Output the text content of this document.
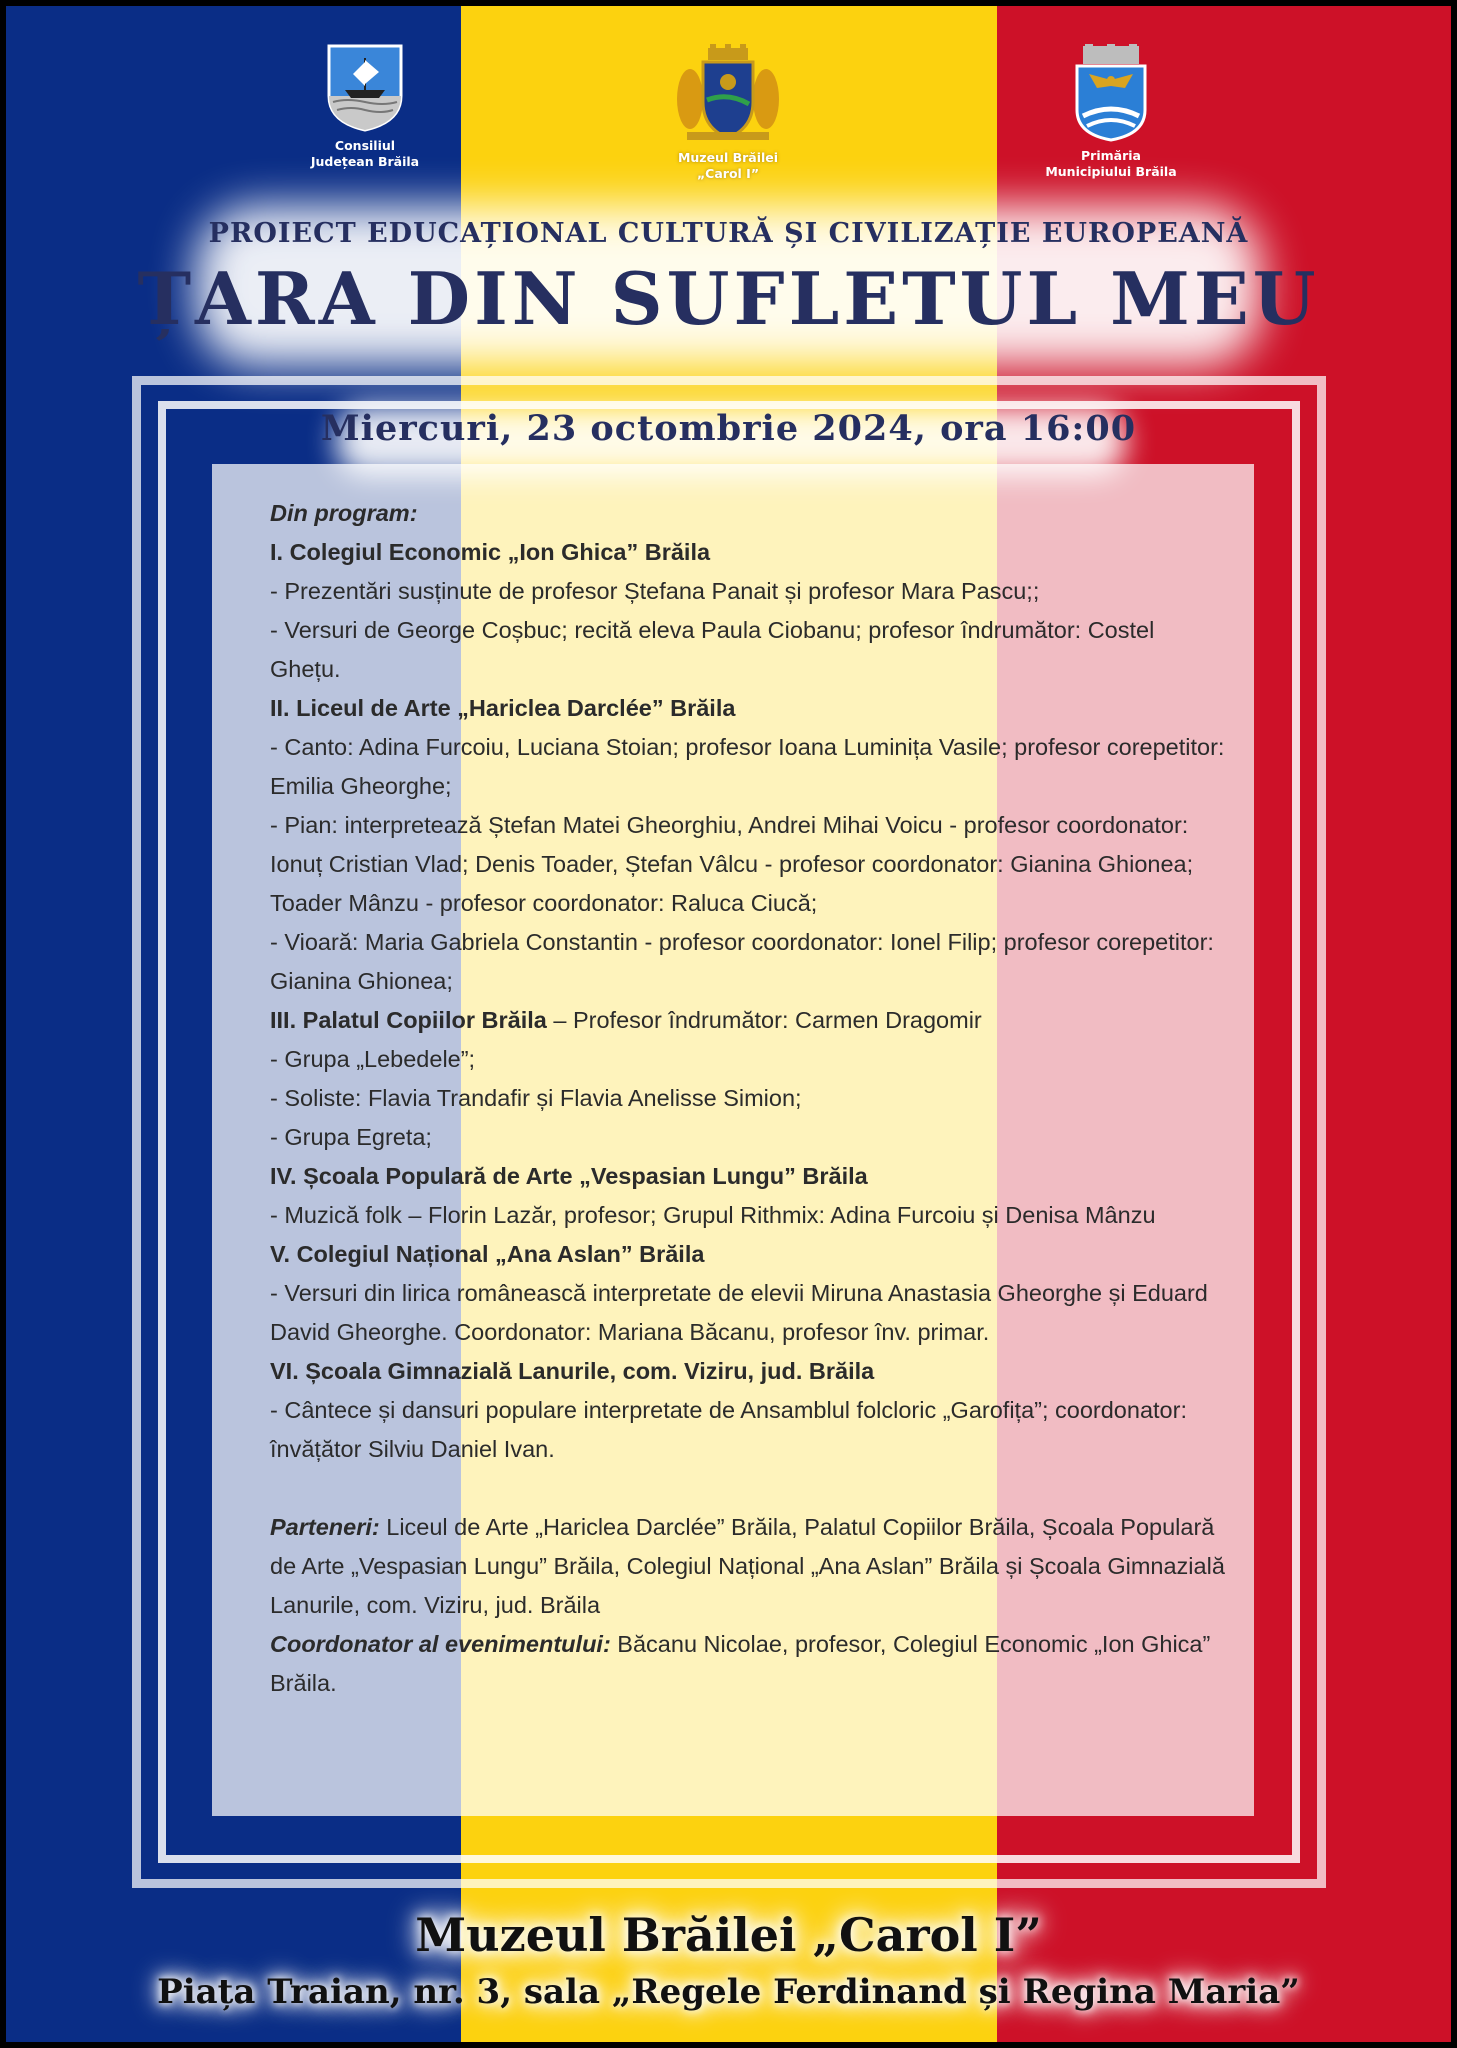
Consiliul
Județean Brăila	Muzeul Brăilei
„Carol I”
Primăria
Municipiului Brăila
PROIECT EDUCAȚIONAL CULTURĂ ȘI CIVILIZAȚIE EUROPEANĂ
ȚARA DIN SUFLETUL MEU
Miercuri, 23 octombrie 2024, ora 16:00

Din program:

I. Colegiul Economic „Ion Ghica” Brăila

- Prezentări susținute de profesor Ștefana Panait și profesor Mara Pascu;;

- Versuri de George Coșbuc; recită eleva Paula Ciobanu; profesor îndrumător: Costel Ghețu.

II. Liceul de Arte „Hariclea Darclée” Brăila

- Canto: Adina Furcoiu, Luciana Stoian; profesor Ioana Luminița Vasile; profesor corepetitor: Emilia Gheorghe;

- Pian: interpretează Ștefan Matei Gheorghiu, Andrei Mihai Voicu - profesor coordonator: Ionuț Cristian Vlad; Denis Toader, Ștefan Vâlcu - profesor coordonator: Gianina Ghionea; Toader Mânzu - profesor coordonator: Raluca Ciucă;

- Vioară: Maria Gabriela Constantin - profesor coordonator: Ionel Filip; profesor corepetitor: Gianina Ghionea;

III. Palatul Copiilor Brăila – Profesor îndrumător: Carmen Dragomir

- Grupa „Lebedele”;

- Soliste: Flavia Trandafir și Flavia Anelisse Simion;

- Grupa Egreta;

IV. Școala Populară de Arte „Vespasian Lungu” Brăila

- Muzică folk – Florin Lazăr, profesor; Grupul Rithmix: Adina Furcoiu și Denisa Mânzu

V. Colegiul Național „Ana Aslan” Brăila

- Versuri din lirica românească interpretate de elevii Miruna Anastasia Gheorghe și Eduard David Gheorghe. Coordonator: Mariana Băcanu, profesor înv. primar.

VI. Școala Gimnazială Lanurile, com. Viziru, jud. Brăila

- Cântece și dansuri populare interpretate de Ansamblul folcloric „Garofița”; coordonator: învățător Silviu Daniel Ivan.

Parteneri: Liceul de Arte „Hariclea Darclée” Brăila, Palatul Copiilor Brăila, Școala Populară de Arte „Vespasian Lungu” Brăila, Colegiul Național „Ana Aslan” Brăila și Școala Gimnazială Lanurile, com. Viziru, jud. Brăila

Coordonator al evenimentului: Băcanu Nicolae, profesor, Colegiul Economic „Ion Ghica” Brăila.

Muzeul Brăilei „Carol I”
Piața Traian, nr. 3, sala „Regele Ferdinand și Regina Maria”
